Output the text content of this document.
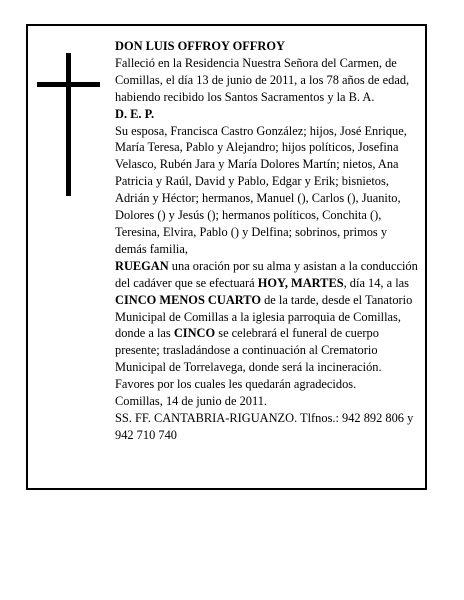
DON LUIS OFFROY OFFROY

Falleció en la Residencia Nuestra Señora del Carmen, de Comillas, el día 13 de junio de 2011, a los 78 años de edad, habiendo recibido los Santos Sacramentos y la B. A.

D. E. P.

Su esposa, Francisca Castro González; hijos, José Enrique, María Teresa, Pablo y Alejandro; hijos políticos, Josefina Velasco, Rubén Jara y María Dolores Martín; nietos, Ana Patricia y Raúl, David y Pablo, Edgar y Erik; bisnietos, Adrián y Héctor; hermanos, Manuel (), Carlos (), Juanito, Dolores () y Jesús (); hermanos políticos, Conchita (), Teresina, Elvira, Pablo () y Delfina; sobrinos, primos y demás familia,

RUEGAN una oración por su alma y asistan a la conducción del cadáver que se efectuará HOY, MARTES, día 14, a las CINCO MENOS CUARTO de la tarde, desde el Tanatorio Municipal de Comillas a la iglesia parroquia de Comillas, donde a las CINCO se celebrará el funeral de cuerpo presente; trasladándose a continuación al Crematorio Municipal de Torrelavega, donde será la incineración. Favores por los cuales les quedarán agradecidos.

Comillas, 14 de junio de 2011.

SS. FF. CANTABRIA-RIGUANZO. Tlfnos.: 942 892 806 y 942 710 740
